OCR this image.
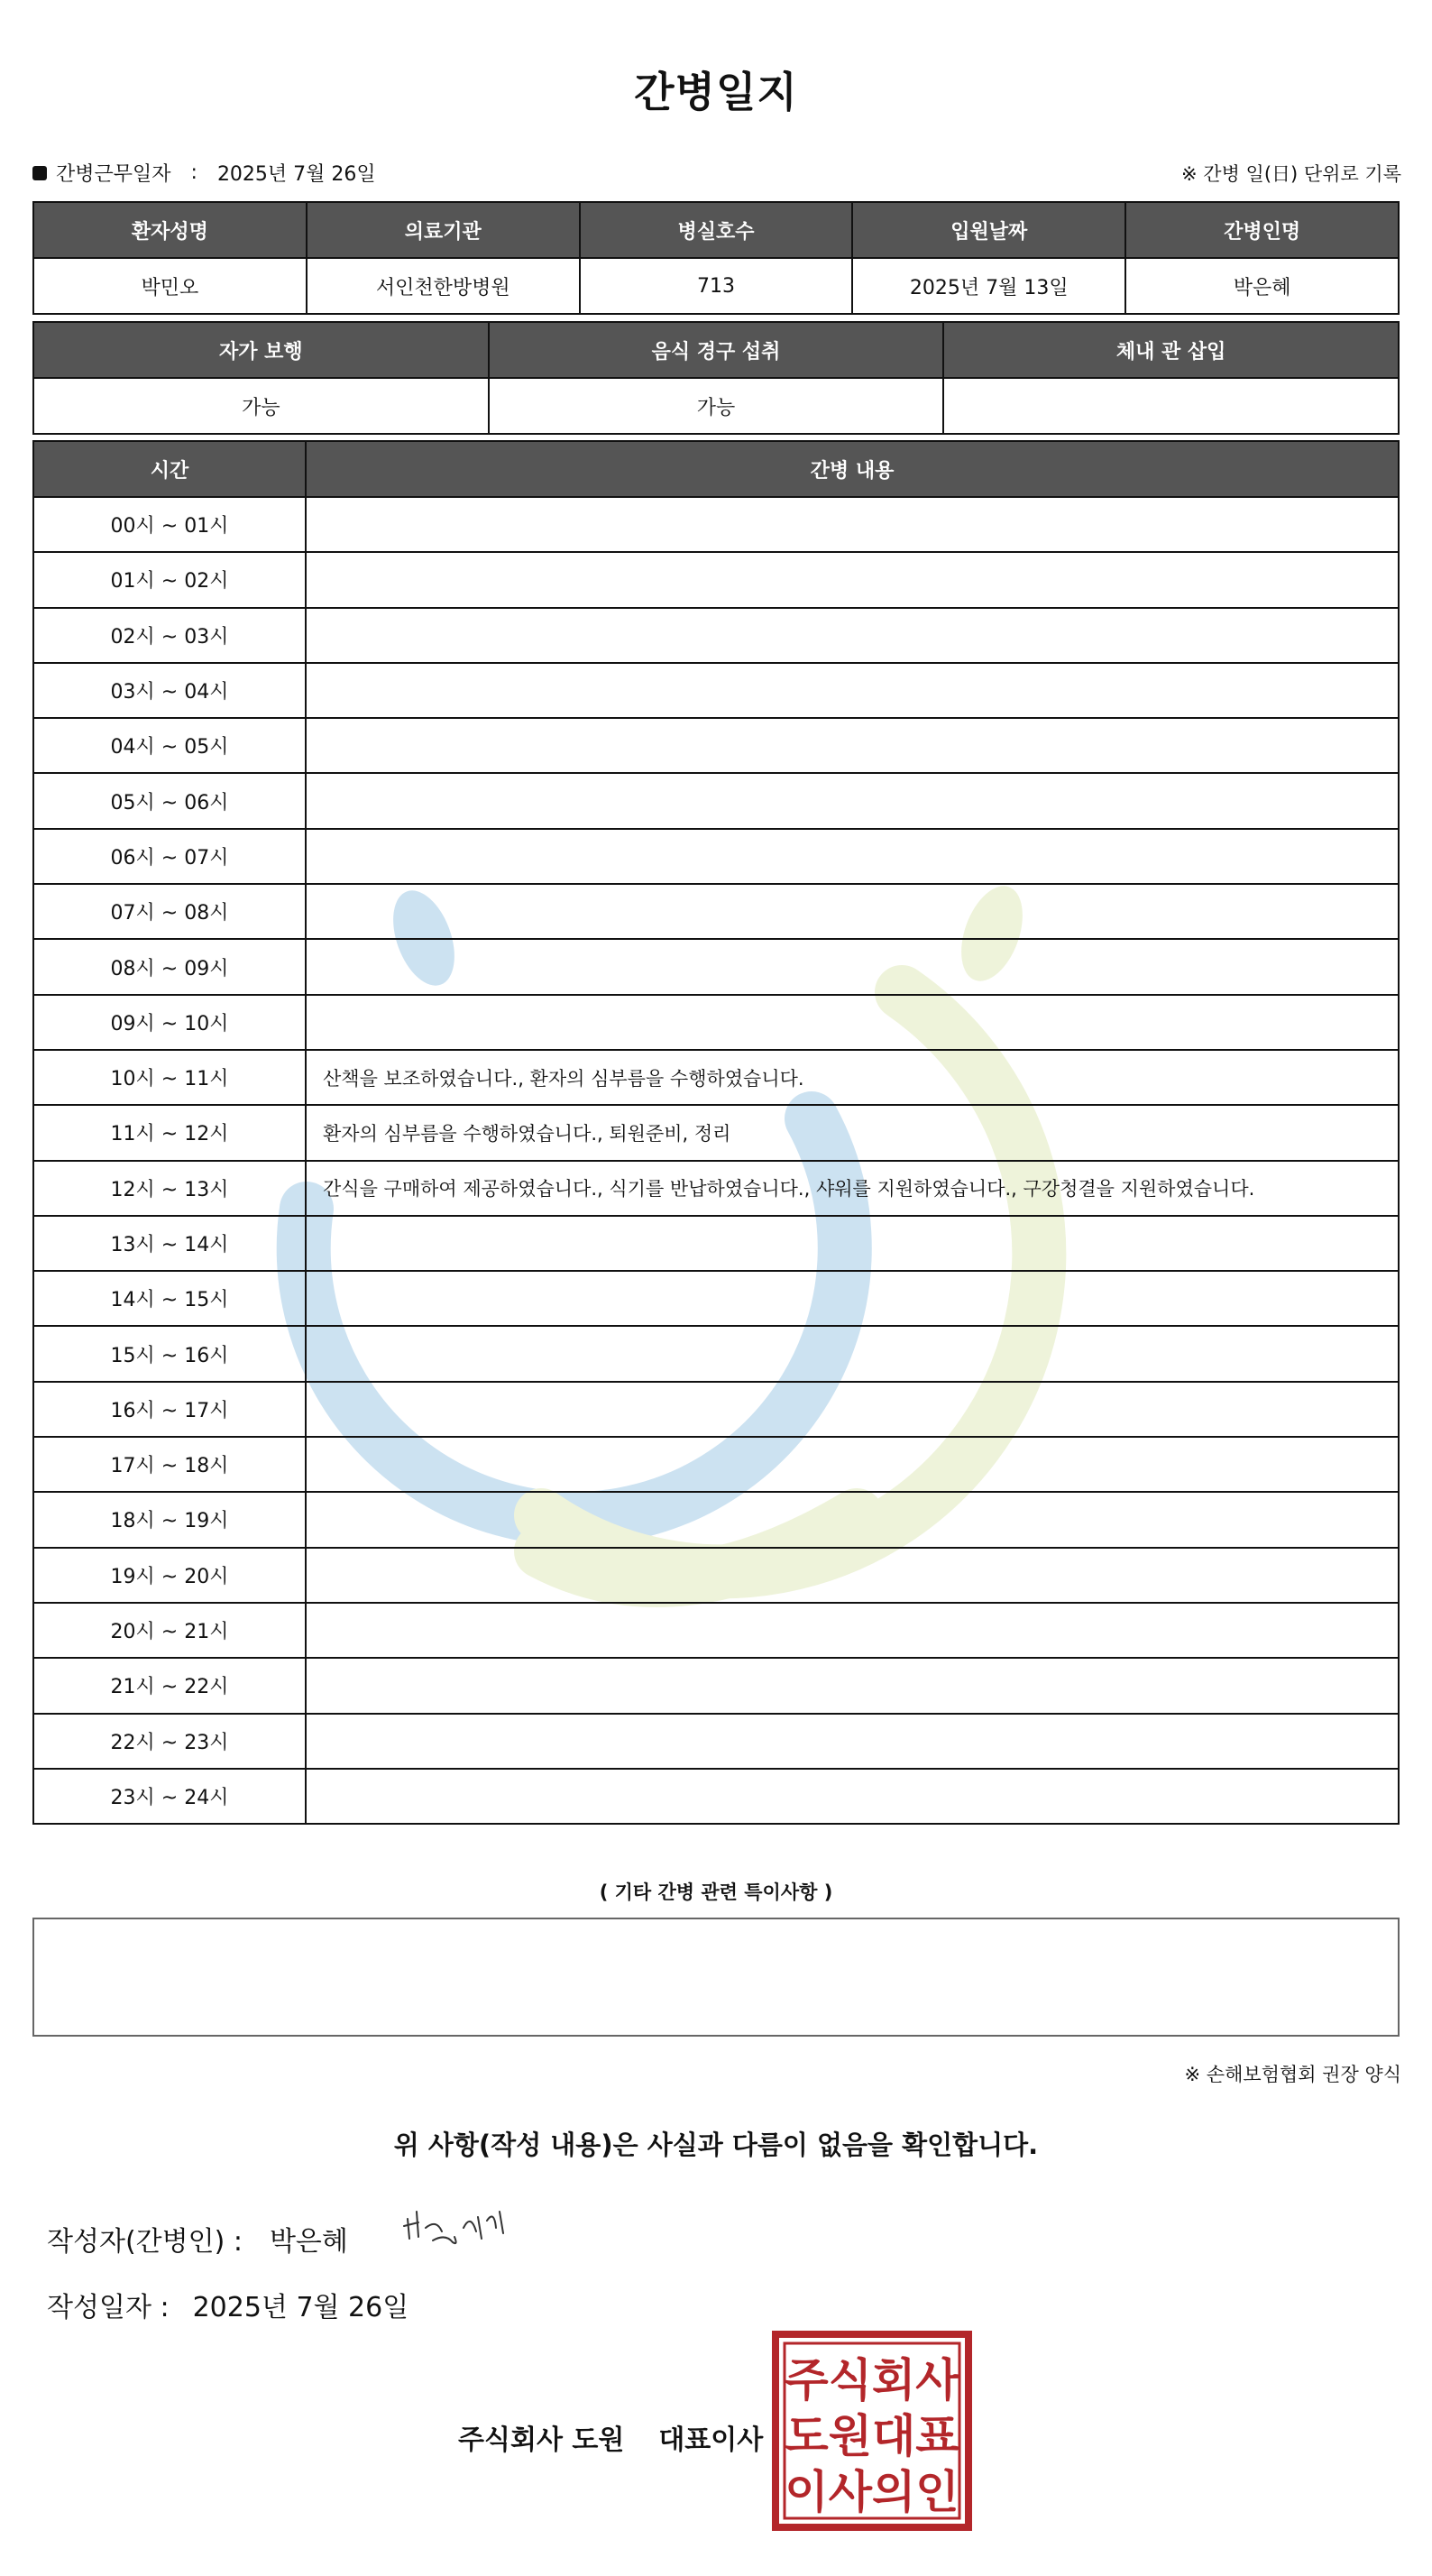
간병일지
간병근무일자 : 2025년 7월 26일	※ 간병 일(日) 단위로 기록
환자성명	의료기관	병실호수	입원날짜	간병인명
박민오	서인천한방병원	713	2025년 7월 13일	박은혜
자가 보행	음식 경구 섭취	체내 관 삽입
가능	가능	
시간	간병 내용
00시 ~ 01시	
01시 ~ 02시	
02시 ~ 03시	
03시 ~ 04시	
04시 ~ 05시	
05시 ~ 06시	
06시 ~ 07시	
07시 ~ 08시	
08시 ~ 09시	
09시 ~ 10시	
10시 ~ 11시	산책을 보조하였습니다., 환자의 심부름을 수행하였습니다.
11시 ~ 12시	환자의 심부름을 수행하였습니다., 퇴원준비, 정리
12시 ~ 13시	간식을 구매하여 제공하였습니다., 식기를 반납하였습니다., 샤워를 지원하였습니다., 구강청결을 지원하였습니다.
13시 ~ 14시	
14시 ~ 15시	
15시 ~ 16시	
16시 ~ 17시	
17시 ~ 18시	
18시 ~ 19시	
19시 ~ 20시	
20시 ~ 21시	
21시 ~ 22시	
22시 ~ 23시	
23시 ~ 24시	
( 기타 간병 관련 특이사항 )
※ 손해보험협회 권장 양식
위 사항(작성 내용)은 사실과 다름이 없음을 확인합니다.
작성자(간병인) : 박은혜
작성일자 : 2025년 7월 26일
주식회사 도원 대표이사
주식회사
도원대표
이사의인
